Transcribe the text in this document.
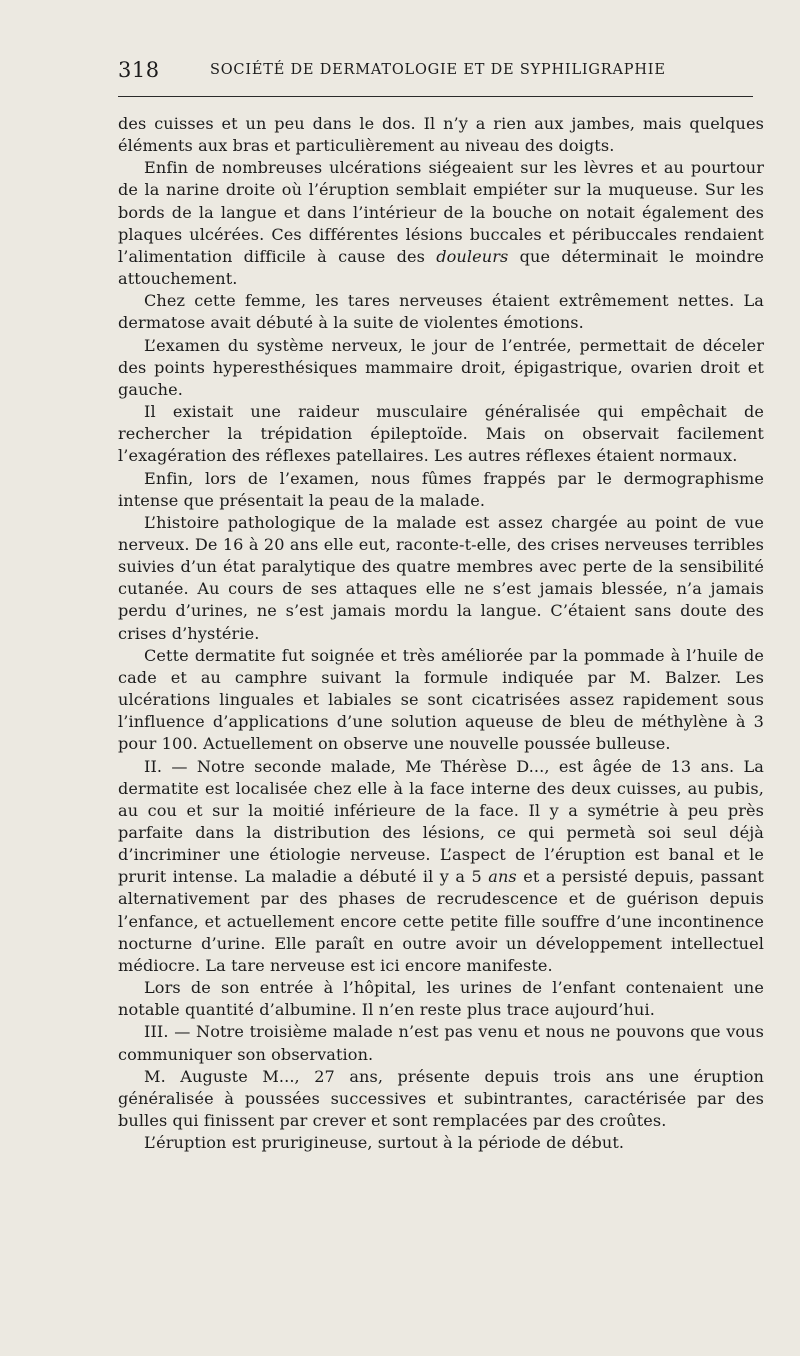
318	SOCIÉTÉ DE DERMATOLOGIE ET DE SYPHILIGRAPHIE

des cuisses et un peu dans le dos. Il n’y a rien aux jambes, mais quelques éléments aux bras et particulièrement au niveau des doigts.

Enfin de nombreuses ulcérations siégeaient sur les lèvres et au pourtour de la narine droite où l’éruption semblait empiéter sur la muqueuse. Sur les bords de la langue et dans l’intérieur de la bouche on notait également des plaques ulcérées. Ces différentes lésions buccales et péribuccales rendaient l’alimentation difficile à cause des douleurs que déterminait le moindre attouchement.

Chez cette femme, les tares nerveuses étaient extrêmement nettes. La dermatose avait débuté à la suite de violentes émotions.

L’examen du système nerveux, le jour de l’entrée, permettait de déceler des points hyperesthésiques mammaire droit, épigastrique, ovarien droit et gauche.

Il existait une raideur musculaire généralisée qui empêchait de rechercher la trépidation épileptoïde. Mais on observait facilement l’exagération des réflexes patellaires. Les autres réflexes étaient normaux.

Enfin, lors de l’examen, nous fûmes frappés par le dermographisme intense que présentait la peau de la malade.

L’histoire pathologique de la malade est assez chargée au point de vue nerveux. De 16 à 20 ans elle eut, raconte-t-elle, des crises nerveuses terribles suivies d’un état paralytique des quatre membres avec perte de la sensibilité cutanée. Au cours de ses attaques elle ne s’est jamais blessée, n’a jamais perdu d’urines, ne s’est jamais mordu la langue. C’étaient sans doute des crises d’hystérie.

Cette dermatite fut soignée et très améliorée par la pommade à l’huile de cade et au camphre suivant la formule indiquée par M. Balzer. Les ulcérations linguales et labiales se sont cicatrisées assez rapidement sous l’influence d’applications d’une solution aqueuse de bleu de méthylène à 3 pour 100. Actuellement on observe une nouvelle poussée bulleuse.

II. — Notre seconde malade, Me Thérèse D..., est âgée de 13 ans. La dermatite est localisée chez elle à la face interne des deux cuisses, au pubis, au cou et sur la moitié inférieure de la face. Il y a symétrie à peu près parfaite dans la distribution des lésions, ce qui permetà soi seul déjà d’incriminer une étiologie nerveuse. L’aspect de l’éruption est banal et le prurit intense. La maladie a débuté il y a 5 ans et a persisté depuis, passant alternativement par des phases de recrudescence et de guérison depuis l’enfance, et actuellement encore cette petite fille souffre d’une incontinence nocturne d’urine. Elle paraît en outre avoir un développement intellectuel médiocre. La tare nerveuse est ici encore manifeste.

Lors de son entrée à l’hôpital, les urines de l’enfant contenaient une notable quantité d’albumine. Il n’en reste plus trace aujourd’hui.

III. — Notre troisième malade n’est pas venu et nous ne pouvons que vous communiquer son observation.

M. Auguste M..., 27 ans, présente depuis trois ans une éruption généralisée à poussées successives et subintrantes, caractérisée par des bulles qui finissent par crever et sont remplacées par des croûtes.

L’éruption est prurigineuse, surtout à la période de début.
